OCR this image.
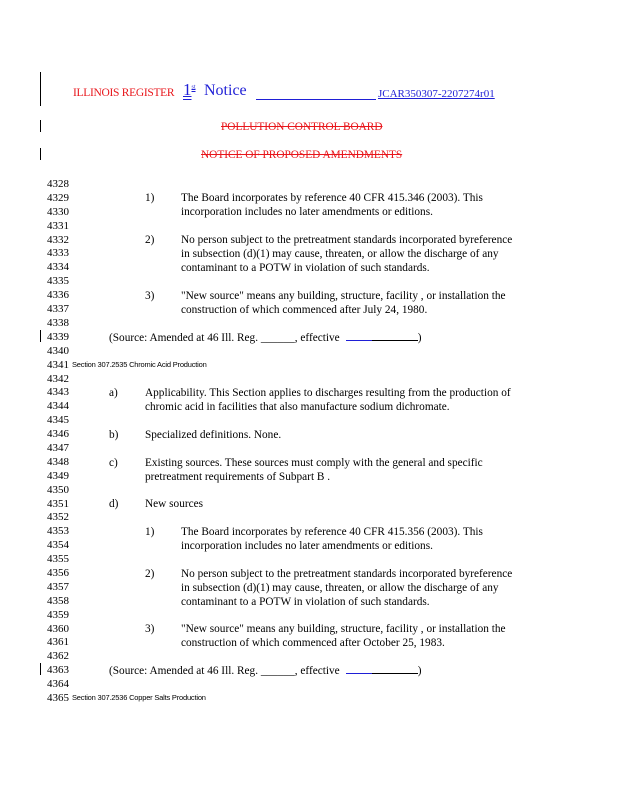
ILLINOIS REGISTER 1st Notice	JCAR350307-2207274r01
POLLUTION CONTROL BOARD
NOTICE OF PROPOSED AMENDMENTS
4328
4329
4330
4331
4332
4333
4334
4335
4336
4337
4338
4339
4340
4341
4342
4343
4344
4345
4346
4347
4348
4349
4350
4351
4352
4353
4354
4355
4356
4357
4358
4359
4360
4361
4362
4363
4364
4365
1) The Board incorporates by reference 40 CFR 415.346 (2003). This
incorporation includes no later amendments or editions.
2) No person subject to the pretreatment standards incorporated byreference
in subsection (d)(1) may cause, threaten, or allow the discharge of any
contaminant to a POTW in violation of such standards.
3) "New source" means any building, structure, facility , or installation the
construction of which commenced after July 24, 1980.
(Source: Amended at 46 Ill. Reg. ______, effective	)
Section 307.2535 Chromic Acid Production
a) Applicability. This Section applies to discharges resulting from the production of
chromic acid in facilities that also manufacture sodium dichromate.
b) Specialized definitions. None.
c) Existing sources. These sources must comply with the general and specific
pretreatment requirements of Subpart B .
d) New sources
1) The Board incorporates by reference 40 CFR 415.356 (2003). This
incorporation includes no later amendments or editions.
2) No person subject to the pretreatment standards incorporated byreference
in subsection (d)(1) may cause, threaten, or allow the discharge of any
contaminant to a POTW in violation of such standards.
3) "New source" means any building, structure, facility , or installation the
construction of which commenced after October 25, 1983.
(Source: Amended at 46 Ill. Reg. ______, effective	)
Section 307.2536 Copper Salts Production
